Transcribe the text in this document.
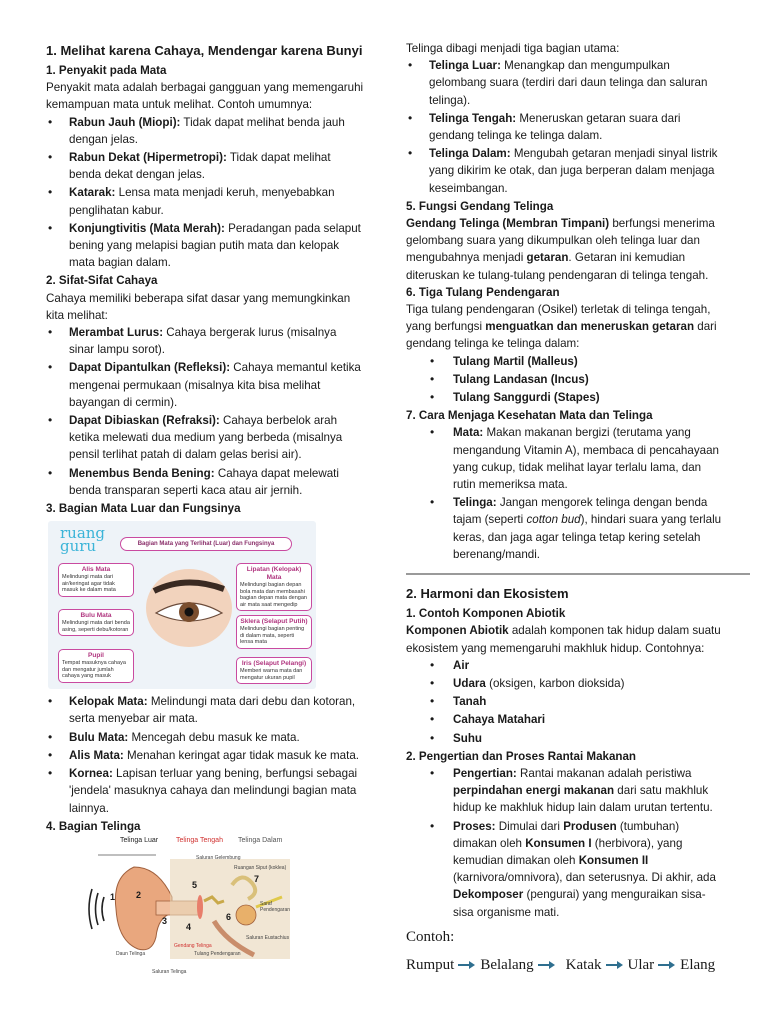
1. Melihat karena Cahaya, Mendengar karena Bunyi
1. Penyakit pada Mata

Penyakit mata adalah berbagai gangguan yang memengaruhi kemampuan mata untuk melihat. Contoh umumnya:

• Rabun Jauh (Miopi): Tidak dapat melihat benda jauh dengan jelas.
• Rabun Dekat (Hipermetropi): Tidak dapat melihat benda dekat dengan jelas.
• Katarak: Lensa mata menjadi keruh, menyebabkan penglihatan kabur.
• Konjungtivitis (Mata Merah): Peradangan pada selaput bening yang melapisi bagian putih mata dan kelopak mata bagian dalam.
2. Sifat-Sifat Cahaya

Cahaya memiliki beberapa sifat dasar yang memungkinkan kita melihat:

• Merambat Lurus: Cahaya bergerak lurus (misalnya sinar lampu sorot).
• Dapat Dipantulkan (Refleksi): Cahaya memantul ketika mengenai permukaan (misalnya kita bisa melihat bayangan di cermin).
• Dapat Dibiaskan (Refraksi): Cahaya berbelok arah ketika melewati dua medium yang berbeda (misalnya pensil terlihat patah di dalam gelas berisi air).
• Menembus Benda Bening: Cahaya dapat melewati benda transparan seperti kaca atau air jernih.
3. Bagian Mata Luar dan Fungsinya
ruang
guru	Bagian Mata yang Terlihat (Luar) dan Fungsinya
Alis Mata
Melindungi mata dari air/keringat agar tidak masuk ke dalam mata
Bulu Mata
Melindungi mata dari benda asing, seperti debu/kotoran
Pupil
Tempat masuknya cahaya dan mengatur jumlah cahaya yang masuk
Lipatan (Kelopak) Mata
Melindungi bagian depan bola mata dan membasahi bagian depan mata dengan air mata saat mengedip
Sklera (Selaput Putih)
Melindungi bagian penting di dalam mata, seperti lensa mata
Iris (Selaput Pelangi)
Memberi warna mata dan mengatur ukuran pupil
• Kelopak Mata: Melindungi mata dari debu dan kotoran, serta menyebar air mata.
• Bulu Mata: Mencegah debu masuk ke mata.
• Alis Mata: Menahan keringat agar tidak masuk ke mata.
• Kornea: Lapisan terluar yang bening, berfungsi sebagai 'jendela' masuknya cahaya dan melindungi bagian mata lainnya.
4. Bagian Telinga
Telinga Luar	Telinga Tengah Telinga Dalam
1 2
3
4
5
6
7
Saluran Gelembung
Ruangan Siput (koklea)
Saraf Pendengaran
Saluran Eustachius
Daun Telinga
Gendang Telinga
Tulang Pendengaran
Saluran Telinga

Telinga dibagi menjadi tiga bagian utama:

• Telinga Luar: Menangkap dan mengumpulkan gelombang suara (terdiri dari daun telinga dan saluran telinga).
• Telinga Tengah: Meneruskan getaran suara dari gendang telinga ke telinga dalam.
• Telinga Dalam: Mengubah getaran menjadi sinyal listrik yang dikirim ke otak, dan juga berperan dalam menjaga keseimbangan.
5. Fungsi Gendang Telinga

Gendang Telinga (Membran Timpani) berfungsi menerima gelombang suara yang dikumpulkan oleh telinga luar dan mengubahnya menjadi getaran. Getaran ini kemudian diteruskan ke tulang-tulang pendengaran di telinga tengah.

6. Tiga Tulang Pendengaran

Tiga tulang pendengaran (Osikel) terletak di telinga tengah, yang berfungsi menguatkan dan meneruskan getaran dari gendang telinga ke telinga dalam:

• Tulang Martil (Malleus)
• Tulang Landasan (Incus)
• Tulang Sanggurdi (Stapes)
7. Cara Menjaga Kesehatan Mata dan Telinga
• Mata: Makan makanan bergizi (terutama yang mengandung Vitamin A), membaca di pencahayaan yang cukup, tidak melihat layar terlalu lama, dan rutin memeriksa mata.
• Telinga: Jangan mengorek telinga dengan benda tajam (seperti cotton bud), hindari suara yang terlalu keras, dan jaga agar telinga tetap kering setelah berenang/mandi.
2. Harmoni dan Ekosistem
1. Contoh Komponen Abiotik

Komponen Abiotik adalah komponen tak hidup dalam suatu ekosistem yang memengaruhi makhluk hidup. Contohnya:

• Air
• Udara (oksigen, karbon dioksida)
• Tanah
• Cahaya Matahari
• Suhu
2. Pengertian dan Proses Rantai Makanan
• Pengertian: Rantai makanan adalah peristiwa perpindahan energi makanan dari satu makhluk hidup ke makhluk hidup lain dalam urutan tertentu.
• Proses: Dimulai dari Produsen (tumbuhan) dimakan oleh Konsumen I (herbivora), yang kemudian dimakan oleh Konsumen II (karnivora/omnivora), dan seterusnya. Di akhir, ada Dekomposer (pengurai) yang menguraikan sisa-sisa organisme mati.
Contoh:
Rumput Belalang Katak Ular Elang
